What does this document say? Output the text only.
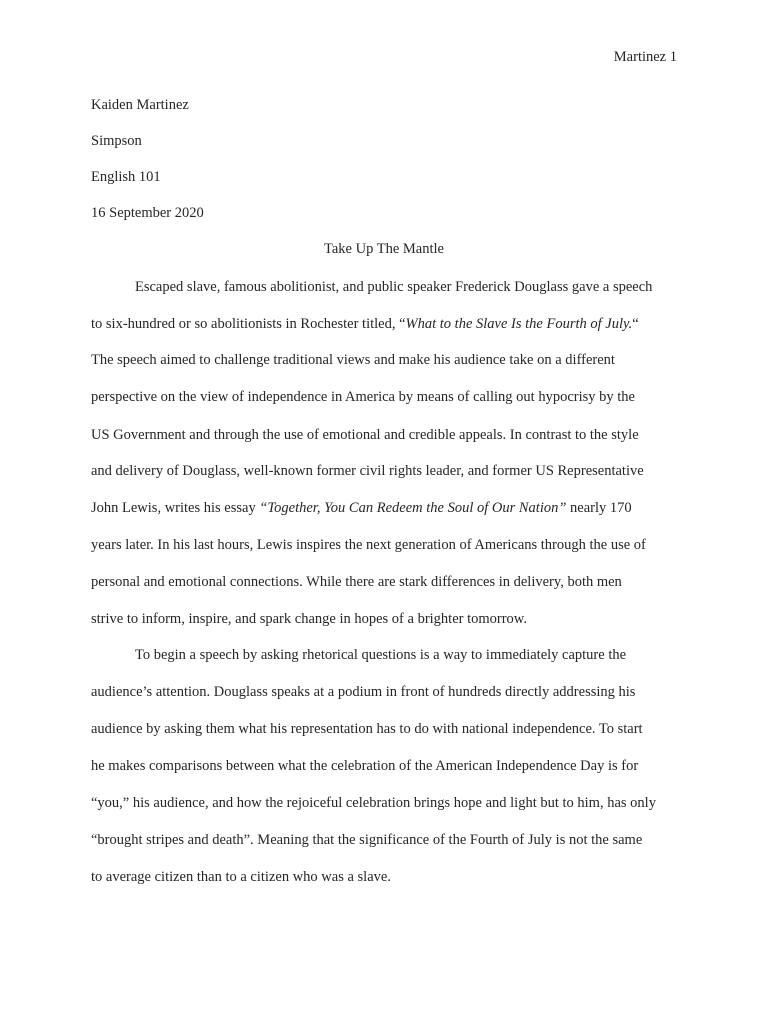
Martinez 1
Kaiden Martinez
Simpson
English 101
16 September 2020
Take Up The Mantle
Escaped slave, famous abolitionist, and public speaker Frederick Douglass gave a speech
to six-hundred or so abolitionists in Rochester titled, “What to the Slave Is the Fourth of July.“
The speech aimed to challenge traditional views and make his audience take on a different
perspective on the view of independence in America by means of calling out hypocrisy by the
US Government and through the use of emotional and credible appeals. In contrast to the style
and delivery of Douglass, well-known former civil rights leader, and former US Representative
John Lewis, writes his essay “Together, You Can Redeem the Soul of Our Nation” nearly 170
years later. In his last hours, Lewis inspires the next generation of Americans through the use of
personal and emotional connections. While there are stark differences in delivery, both men
strive to inform, inspire, and spark change in hopes of a brighter tomorrow.
To begin a speech by asking rhetorical questions is a way to immediately capture the
audience’s attention. Douglass speaks at a podium in front of hundreds directly addressing his
audience by asking them what his representation has to do with national independence. To start
he makes comparisons between what the celebration of the American Independence Day is for
“you,” his audience, and how the rejoiceful celebration brings hope and light but to him, has only
“brought stripes and death”. Meaning that the significance of the Fourth of July is not the same
to average citizen than to a citizen who was a slave.
